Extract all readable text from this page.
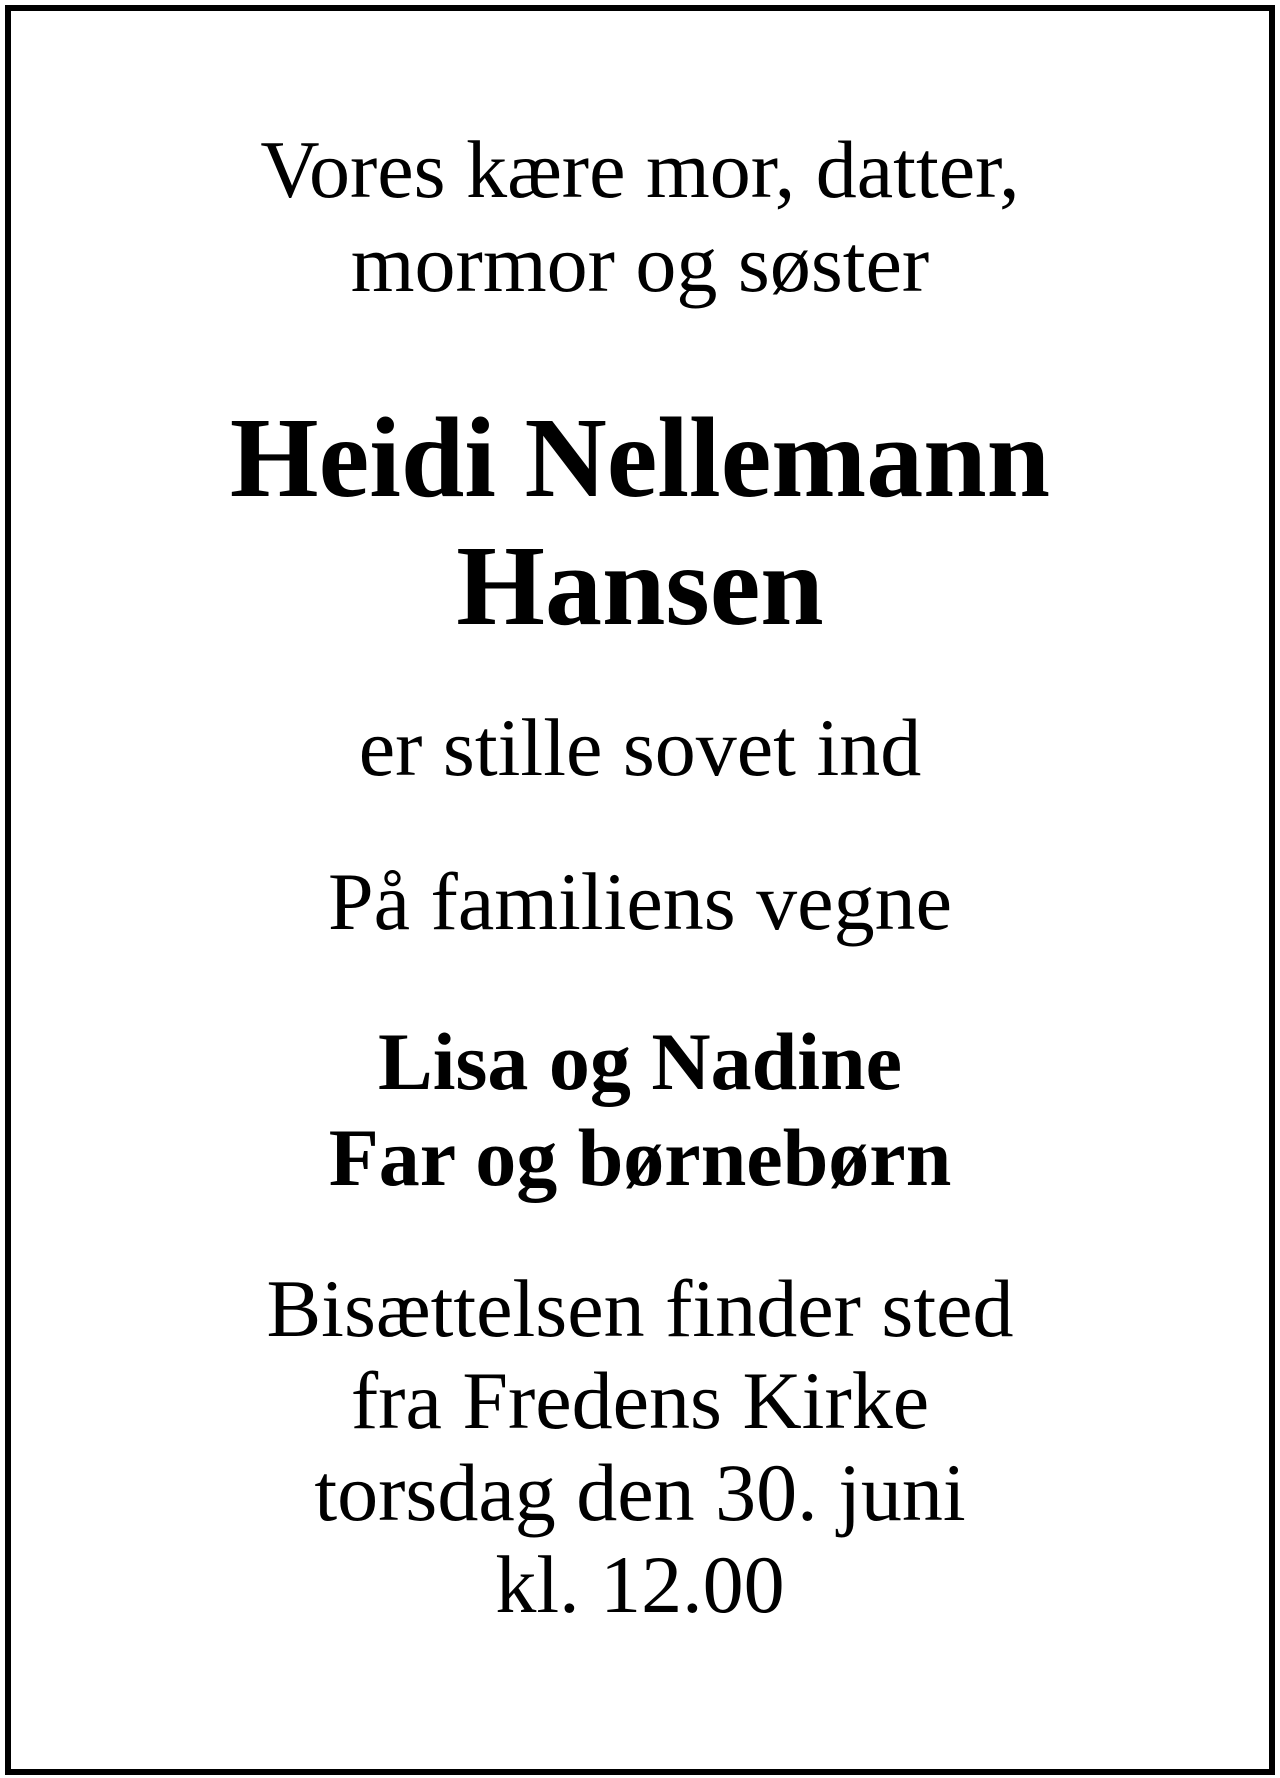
Vores kære mor, datter,
mormor og søster
Heidi Nellemann
Hansen
er stille sovet ind
På familiens vegne
Lisa og Nadine
Far og børnebørn
Bisættelsen finder sted
fra Fredens Kirke
torsdag den 30. juni
kl. 12.00
